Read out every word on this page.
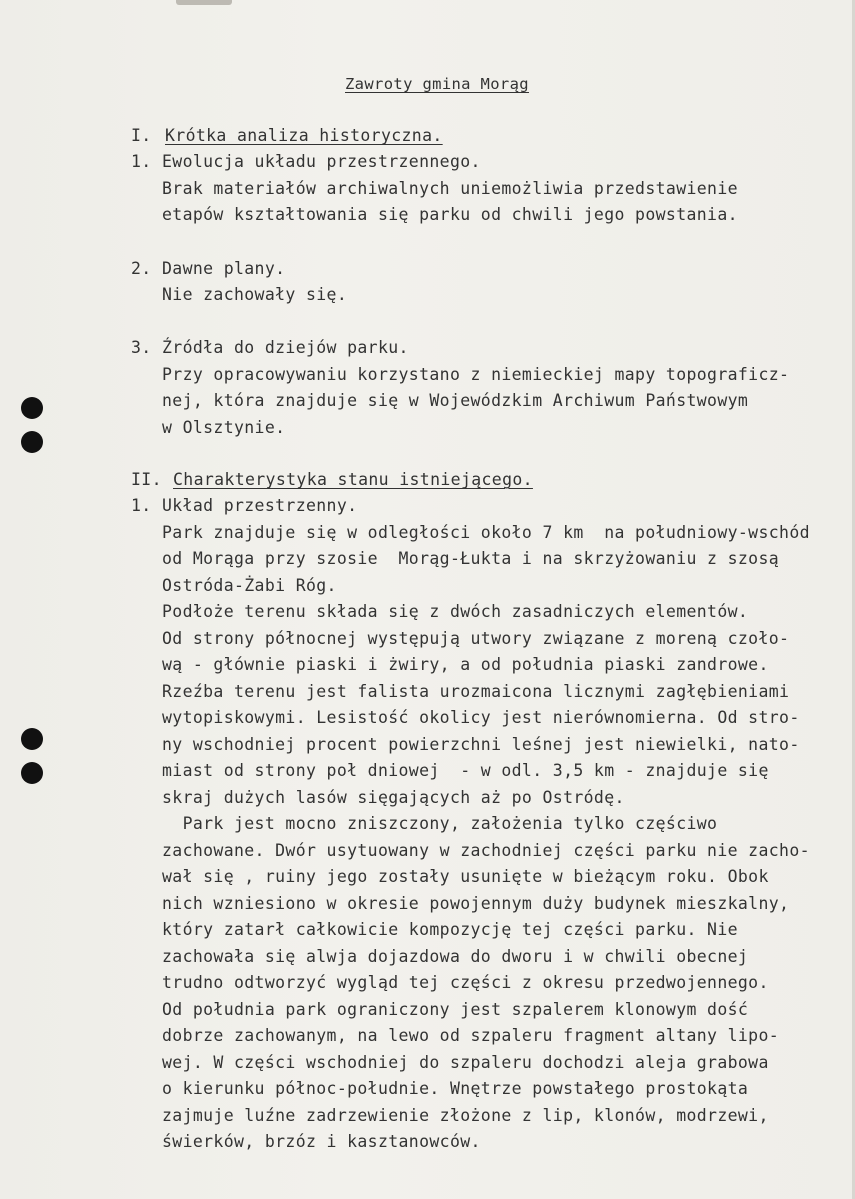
Zawroty gmina Morąg
I. Krótka analiza historyczna.
1. Ewolucja układu przestrzennego.
Brak materiałów archiwalnych uniemożliwia przedstawienie
etapów kształtowania się parku od chwili jego powstania.
2. Dawne plany.
Nie zachowały się.
3. Źródła do dziejów parku.
Przy opracowywaniu korzystano z niemieckiej mapy topograficz-
nej, która znajduje się w Wojewódzkim Archiwum Państwowym
w Olsztynie.
II. Charakterystyka stanu istniejącego.
1. Układ przestrzenny.
Park znajduje się w odległości około 7 km  na południowy-wschód
od Morąga przy szosie  Morąg-Łukta i na skrzyżowaniu z szosą
Ostróda-Żabi Róg.
Podłoże terenu składa się z dwóch zasadniczych elementów.
Od strony północnej występują utwory związane z moreną czoło-
wą - głównie piaski i żwiry, a od południa piaski zandrowe.
Rzeźba terenu jest falista urozmaicona licznymi zagłębieniami
wytopiskowymi. Lesistość okolicy jest nierównomierna. Od stro-
ny wschodniej procent powierzchni leśnej jest niewielki, nato-
miast od strony poł dniowej  - w odl. 3,5 km - znajduje się
skraj dużych lasów sięgających aż po Ostródę.
Park jest mocno zniszczony, założenia tylko częściwo
zachowane. Dwór usytuowany w zachodniej części parku nie zacho-
wał się , ruiny jego zostały usunięte w bieżącym roku. Obok
nich wzniesiono w okresie powojennym duży budynek mieszkalny,
który zatarł całkowicie kompozycję tej części parku. Nie
zachowała się alwja dojazdowa do dworu i w chwili obecnej
trudno odtworzyć wygląd tej części z okresu przedwojennego.
Od południa park ograniczony jest szpalerem klonowym dość
dobrze zachowanym, na lewo od szpaleru fragment altany lipo-
wej. W części wschodniej do szpaleru dochodzi aleja grabowa
o kierunku północ-południe. Wnętrze powstałego prostokąta
zajmuje luźne zadrzewienie złożone z lip, klonów, modrzewi,
świerków, brzóz i kasztanowców.
